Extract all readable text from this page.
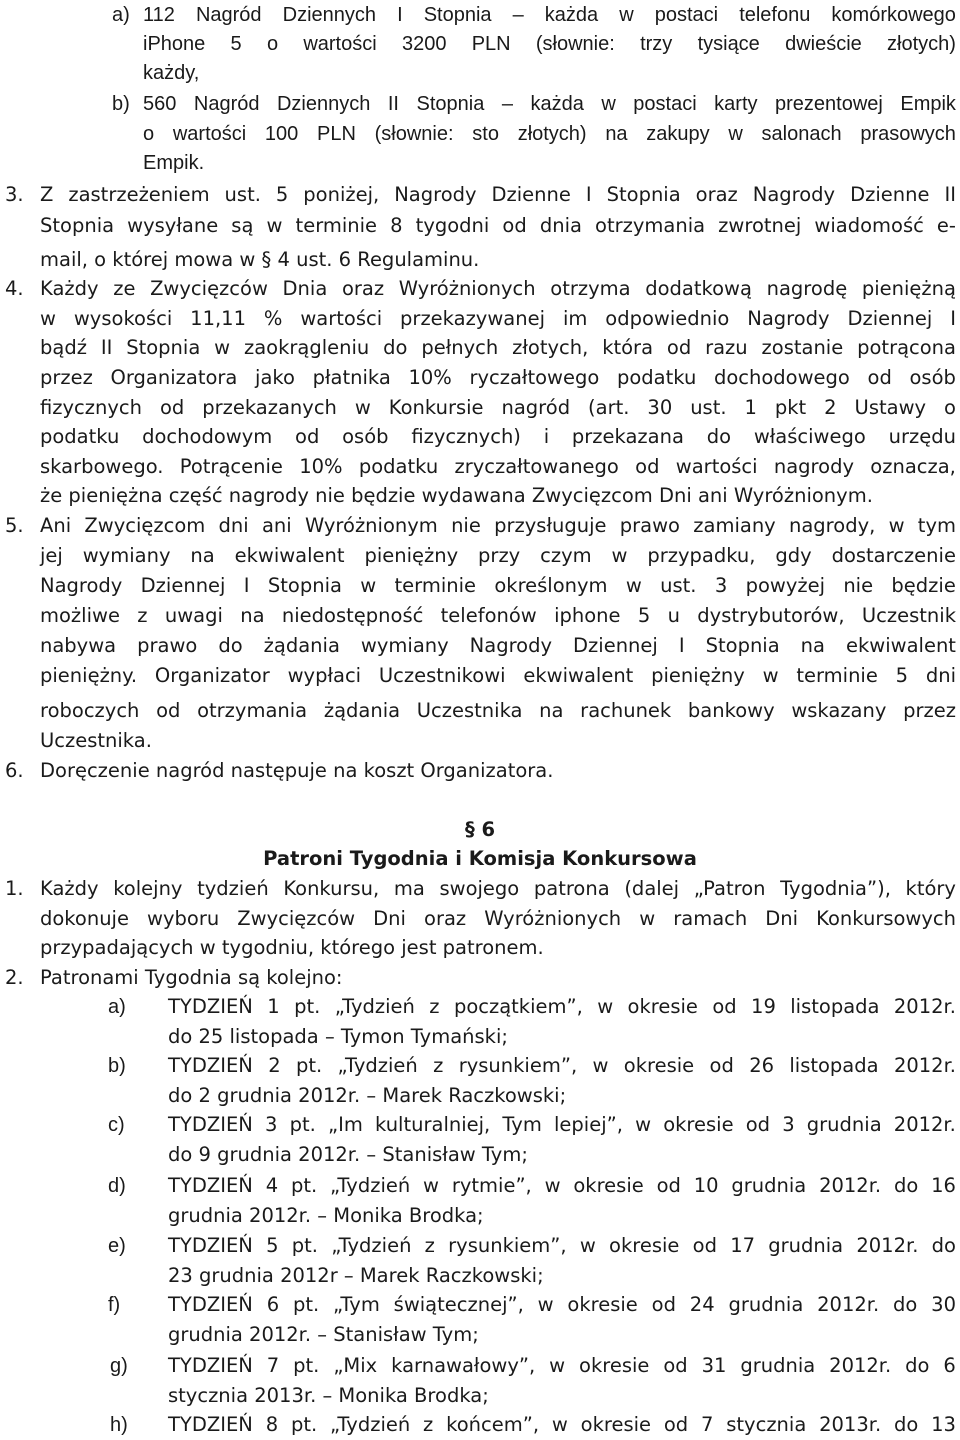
a)
b)
3.
4.
5.
6.
§ 6
Patroni Tygodnia i Komisja Konkursowa
1.
2.
a)
b)
c)
d)
e)
f)
g)
h)
112 Nagród Dziennych I Stopnia – każda w postaci telefonu komórkowego
iPhone 5 o wartości 3200 PLN (słownie: trzy tysiące dwieście złotych)
każdy,
560 Nagród Dziennych II Stopnia – każda w postaci karty prezentowej Empik
o wartości 100 PLN (słownie: sto złotych) na zakupy w salonach prasowych
Empik.
Z zastrzeżeniem ust. 5 poniżej, Nagrody Dzienne I Stopnia oraz Nagrody Dzienne II
Stopnia wysyłane są w terminie 8 tygodni od dnia otrzymania zwrotnej wiadomość e-
mail, o której mowa w § 4 ust. 6 Regulaminu.
Każdy ze Zwycięzców Dnia oraz Wyróżnionych otrzyma dodatkową nagrodę pieniężną
w wysokości 11,11 % wartości przekazywanej im odpowiednio Nagrody Dziennej I
bądź II Stopnia w zaokrągleniu do pełnych złotych, która od razu zostanie potrącona
przez Organizatora jako płatnika 10% ryczałtowego podatku dochodowego od osób
fizycznych od przekazanych w Konkursie nagród (art. 30 ust. 1 pkt 2 Ustawy o
podatku dochodowym od osób fizycznych) i przekazana do właściwego urzędu
skarbowego. Potrącenie 10% podatku zryczałtowanego od wartości nagrody oznacza,
że pieniężna część nagrody nie będzie wydawana Zwycięzcom Dni ani Wyróżnionym.
Ani Zwycięzcom dni ani Wyróżnionym nie przysługuje prawo zamiany nagrody, w tym
jej wymiany na ekwiwalent pieniężny przy czym w przypadku, gdy dostarczenie
Nagrody Dziennej I Stopnia w terminie określonym w ust. 3 powyżej nie będzie
możliwe z uwagi na niedostępność telefonów iphone 5 u dystrybutorów, Uczestnik
nabywa prawo do żądania wymiany Nagrody Dziennej I Stopnia na ekwiwalent
pieniężny. Organizator wypłaci Uczestnikowi ekwiwalent pieniężny w terminie 5 dni
roboczych od otrzymania żądania Uczestnika na rachunek bankowy wskazany przez
Uczestnika.
Doręczenie nagród następuje na koszt Organizatora.
Każdy kolejny tydzień Konkursu, ma swojego patrona (dalej „Patron Tygodnia”), który
dokonuje wyboru Zwycięzców Dni oraz Wyróżnionych w ramach Dni Konkursowych
przypadających w tygodniu, którego jest patronem.
Patronami Tygodnia są kolejno:
TYDZIEŃ 1 pt. „Tydzień z początkiem”, w okresie od 19 listopada 2012r.
do 25 listopada – Tymon Tymański;
TYDZIEŃ 2 pt. „Tydzień z rysunkiem”, w okresie od 26 listopada 2012r.
do 2 grudnia 2012r. – Marek Raczkowski;
TYDZIEŃ 3 pt. „Im kulturalniej, Tym lepiej”, w okresie od 3 grudnia 2012r.
do 9 grudnia 2012r. – Stanisław Tym;
TYDZIEŃ 4 pt. „Tydzień w rytmie”, w okresie od 10 grudnia 2012r. do 16
grudnia 2012r. – Monika Brodka;
TYDZIEŃ 5 pt. „Tydzień z rysunkiem”, w okresie od 17 grudnia 2012r. do
23 grudnia 2012r – Marek Raczkowski;
TYDZIEŃ 6 pt. „Tym świątecznej”, w okresie od 24 grudnia 2012r. do 30
grudnia 2012r. – Stanisław Tym;
TYDZIEŃ 7 pt. „Mix karnawałowy”, w okresie od 31 grudnia 2012r. do 6
stycznia 2013r. – Monika Brodka;
TYDZIEŃ 8 pt. „Tydzień z końcem”, w okresie od 7 stycznia 2013r. do 13
